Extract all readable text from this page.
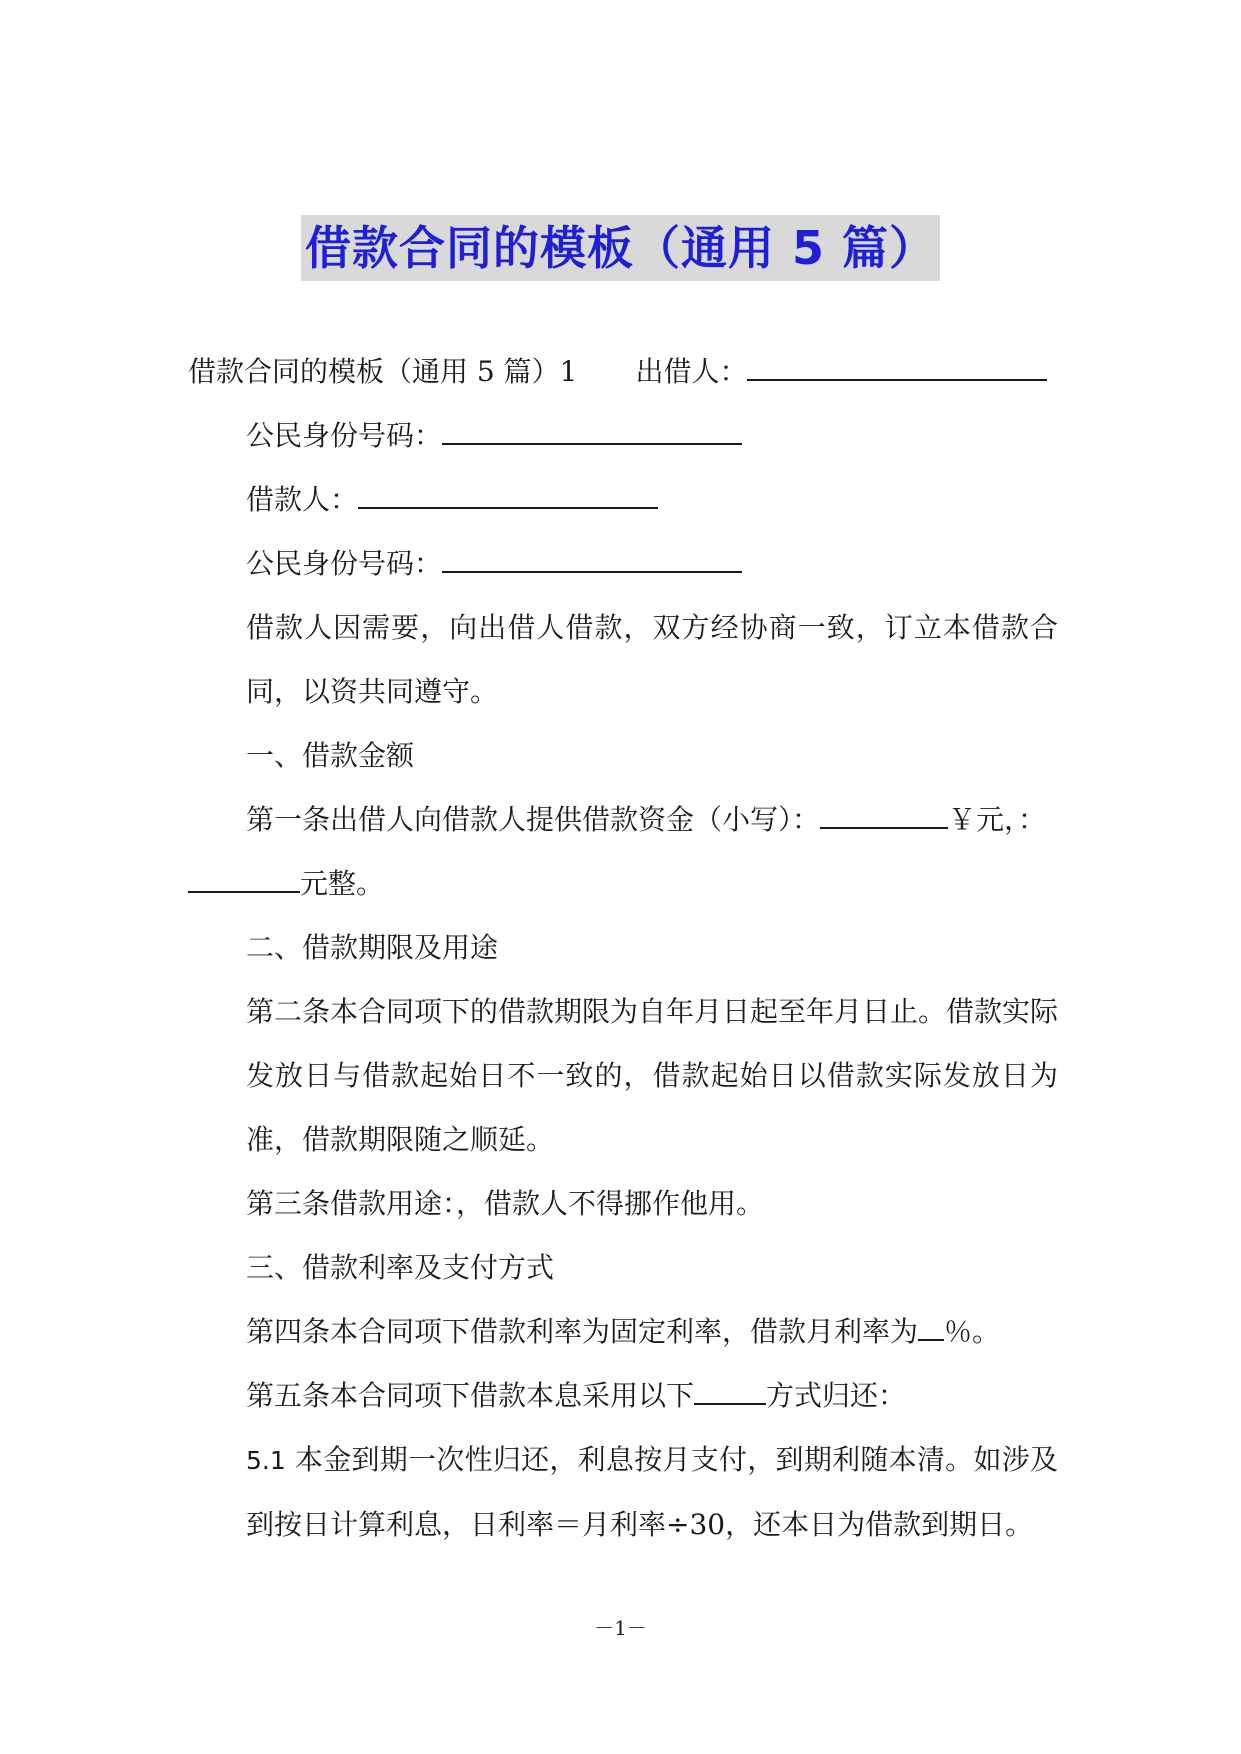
借款合同的模板（通用 5 篇）
借款合同的模板（通用 5 篇）1 出借人：
公民身份号码：
借款人：
公民身份号码：
借款人因需要，向出借人借款，双方经协商一致，订立本借款合同，以资共同遵守。
一、借款金额
第一条出借人向借款人提供借款资金（小写）：	￥元，：
元整。
二、借款期限及用途
第二条本合同项下的借款期限为自年月日起至年月日止。借款实际发放日与借款起始日不一致的，借款起始日以借款实际发放日为准，借款期限随之顺延。
第三条借款用途：，借款人不得挪作他用。
三、借款利率及支付方式
第四条本合同项下借款利率为固定利率，借款月利率为 ％。
第五条本合同项下借款本息采用以下	方式归还：
5.1 本金到期一次性归还，利息按月支付，到期利随本清。如涉及到按日计算利息，日利率＝月利率÷30，还本日为借款到期日。
－1－
